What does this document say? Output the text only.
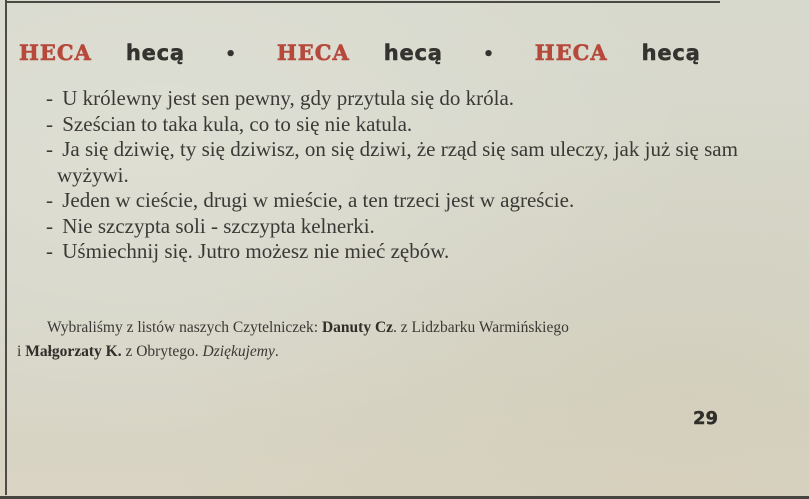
HECA hecą • HECA hecą • HECA hecą
- U królewny jest sen pewny, gdy przytula się do króla.
- Sześcian to taka kula, co to się nie katula.
- Ja się dziwię, ty się dziwisz, on się dziwi, że rząd się sam uleczy, jak już się sam wyżywi.
- Jeden w cieście, drugi w mieście, a ten trzeci jest w agreście.
- Nie szczypta soli - szczypta kelnerki.
- Uśmiechnij się. Jutro możesz nie mieć zębów.
Wybraliśmy z listów naszych Czytelniczek: Danuty Cz. z Lidzbarku Warmińskiego
i Małgorzaty K. z Obrytego. Dziękujemy.
29
